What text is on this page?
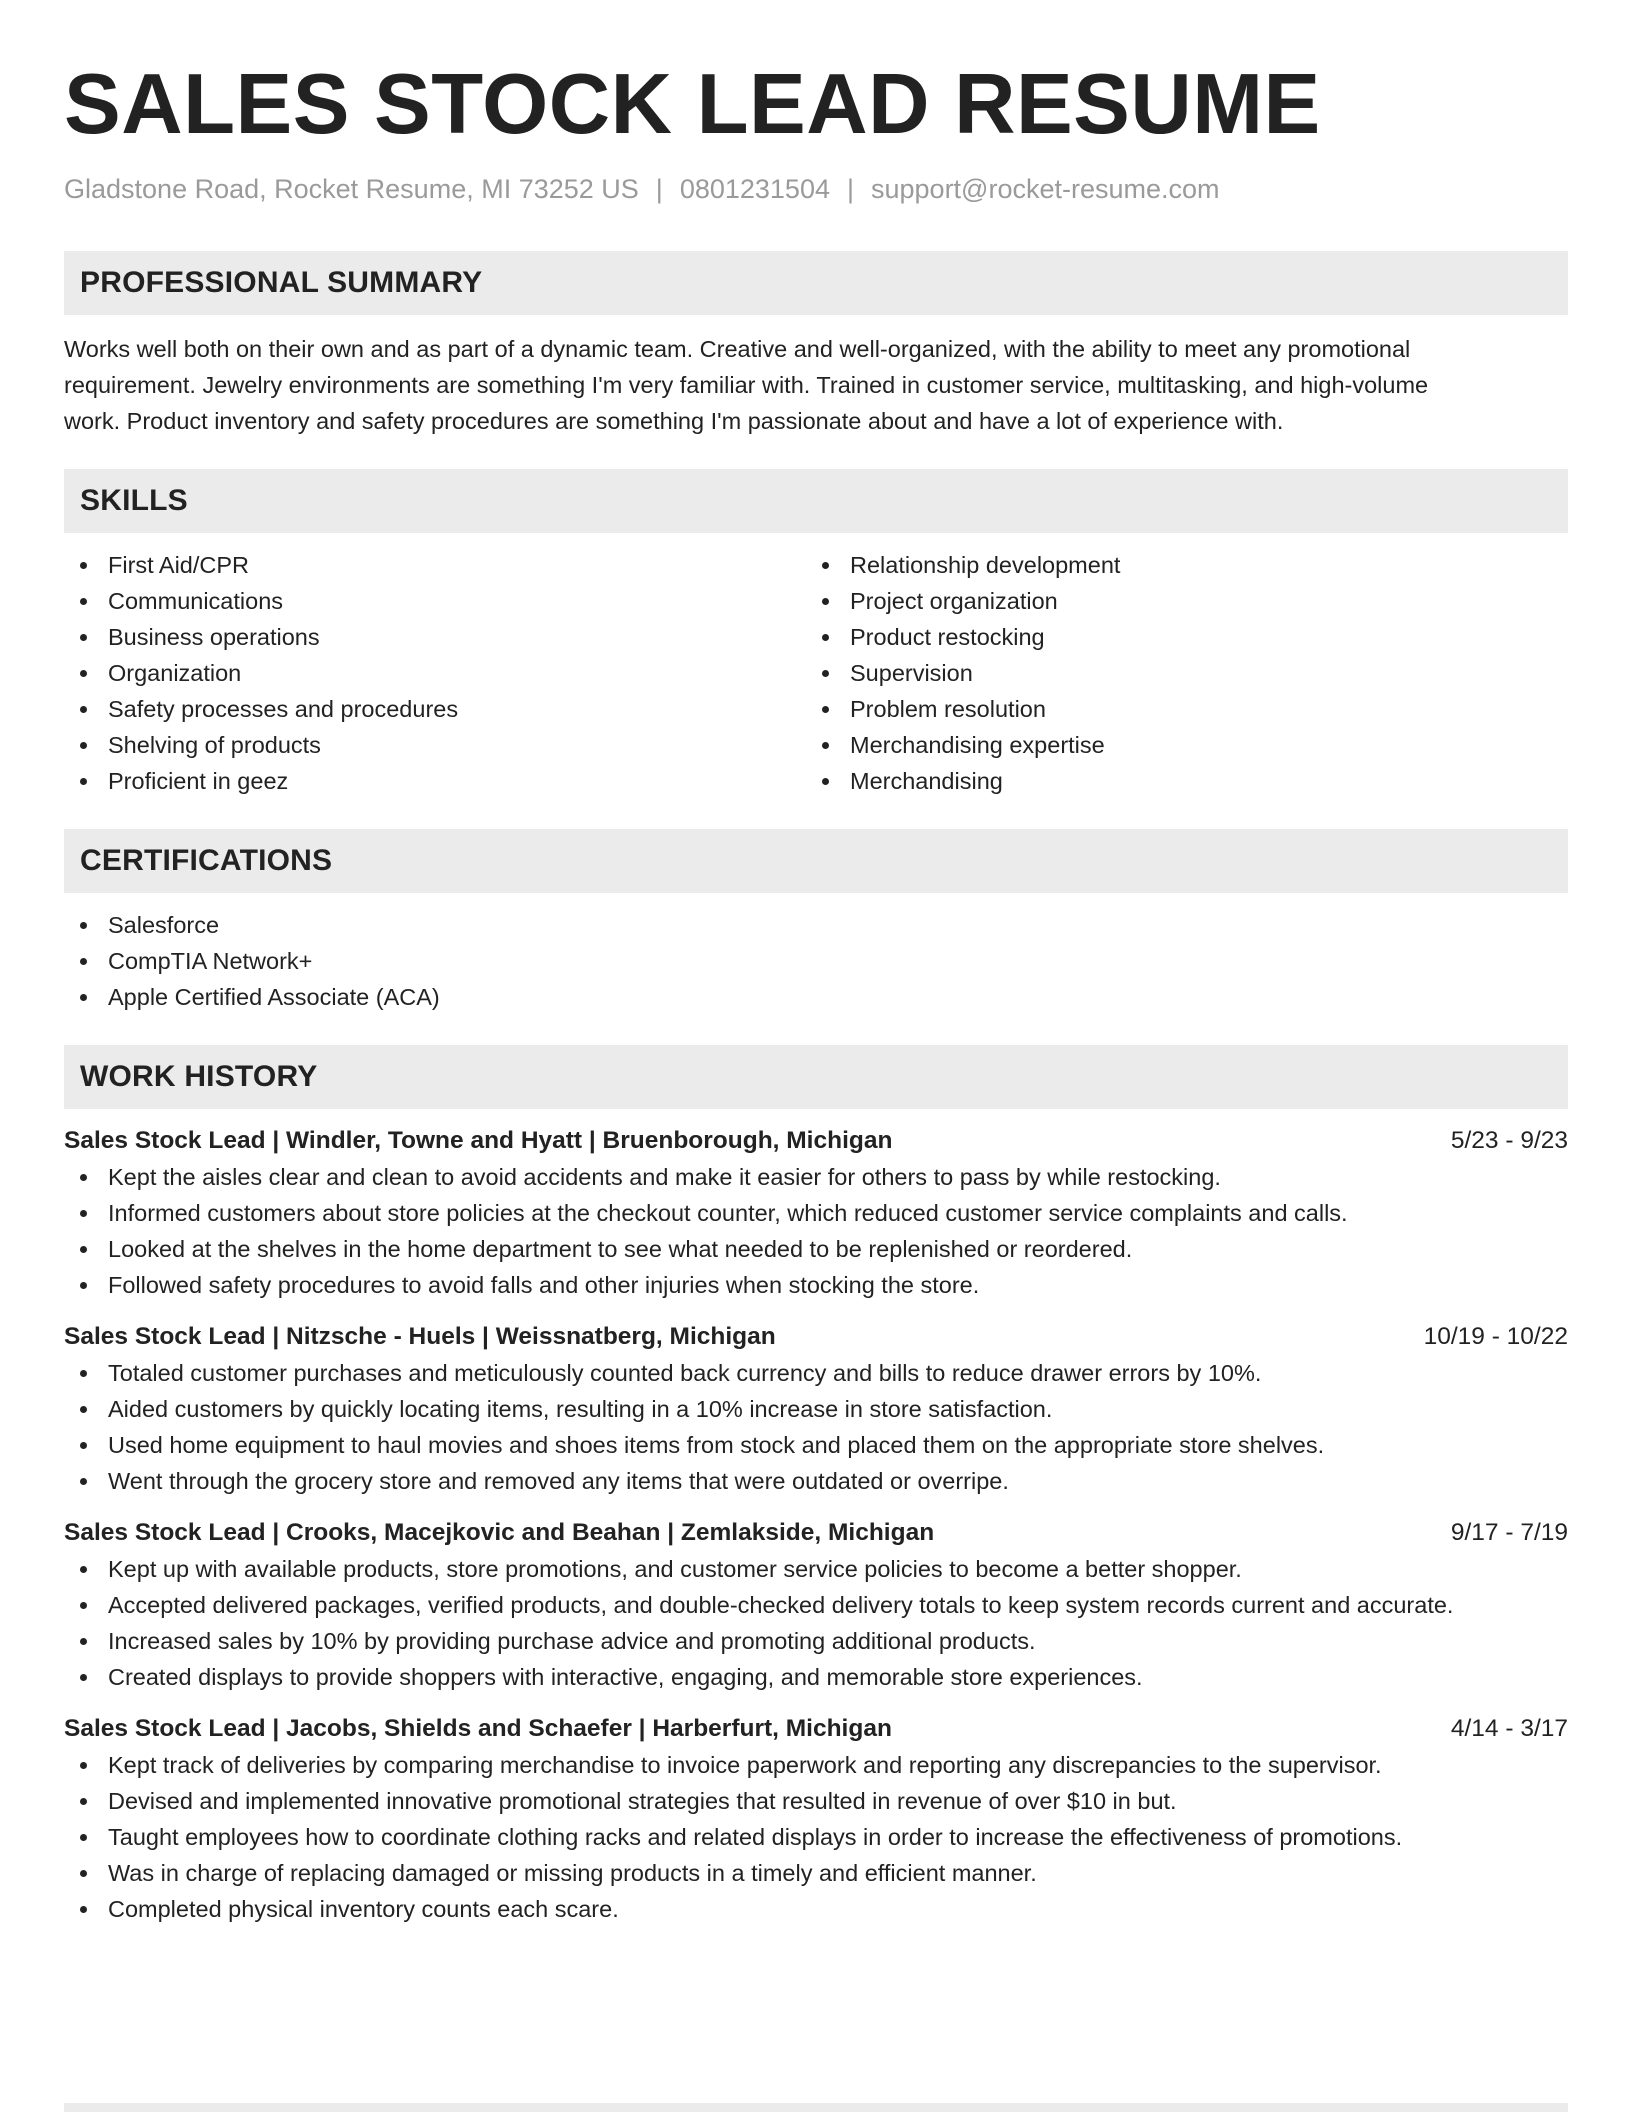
SALES STOCK LEAD RESUME
Gladstone Road, Rocket Resume, MI 73252 US | 0801231504 | support@rocket-resume.com
PROFESSIONAL SUMMARY
Works well both on their own and as part of a dynamic team. Creative and well-organized, with the ability to meet any promotional
requirement. Jewelry environments are something I'm very familiar with. Trained in customer service, multitasking, and high-volume
work. Product inventory and safety procedures are something I'm passionate about and have a lot of experience with.
SKILLS
First Aid/CPR
Communications
Business operations
Organization
Safety processes and procedures
Shelving of products
Proficient in geez
Relationship development
Project organization
Product restocking
Supervision
Problem resolution
Merchandising expertise
Merchandising
CERTIFICATIONS
Salesforce
CompTIA Network+
Apple Certified Associate (ACA)
WORK HISTORY
Sales Stock Lead | Windler, Towne and Hyatt | Bruenborough, Michigan	5/23 - 9/23
Kept the aisles clear and clean to avoid accidents and make it easier for others to pass by while restocking.
Informed customers about store policies at the checkout counter, which reduced customer service complaints and calls.
Looked at the shelves in the home department to see what needed to be replenished or reordered.
Followed safety procedures to avoid falls and other injuries when stocking the store.
Sales Stock Lead | Nitzsche - Huels | Weissnatberg, Michigan	10/19 - 10/22
Totaled customer purchases and meticulously counted back currency and bills to reduce drawer errors by 10%.
Aided customers by quickly locating items, resulting in a 10% increase in store satisfaction.
Used home equipment to haul movies and shoes items from stock and placed them on the appropriate store shelves.
Went through the grocery store and removed any items that were outdated or overripe.
Sales Stock Lead | Crooks, Macejkovic and Beahan | Zemlakside, Michigan	9/17 - 7/19
Kept up with available products, store promotions, and customer service policies to become a better shopper.
Accepted delivered packages, verified products, and double-checked delivery totals to keep system records current and accurate.
Increased sales by 10% by providing purchase advice and promoting additional products.
Created displays to provide shoppers with interactive, engaging, and memorable store experiences.
Sales Stock Lead | Jacobs, Shields and Schaefer | Harberfurt, Michigan	4/14 - 3/17
Kept track of deliveries by comparing merchandise to invoice paperwork and reporting any discrepancies to the supervisor.
Devised and implemented innovative promotional strategies that resulted in revenue of over $10 in but.
Taught employees how to coordinate clothing racks and related displays in order to increase the effectiveness of promotions.
Was in charge of replacing damaged or missing products in a timely and efficient manner.
Completed physical inventory counts each scare.
